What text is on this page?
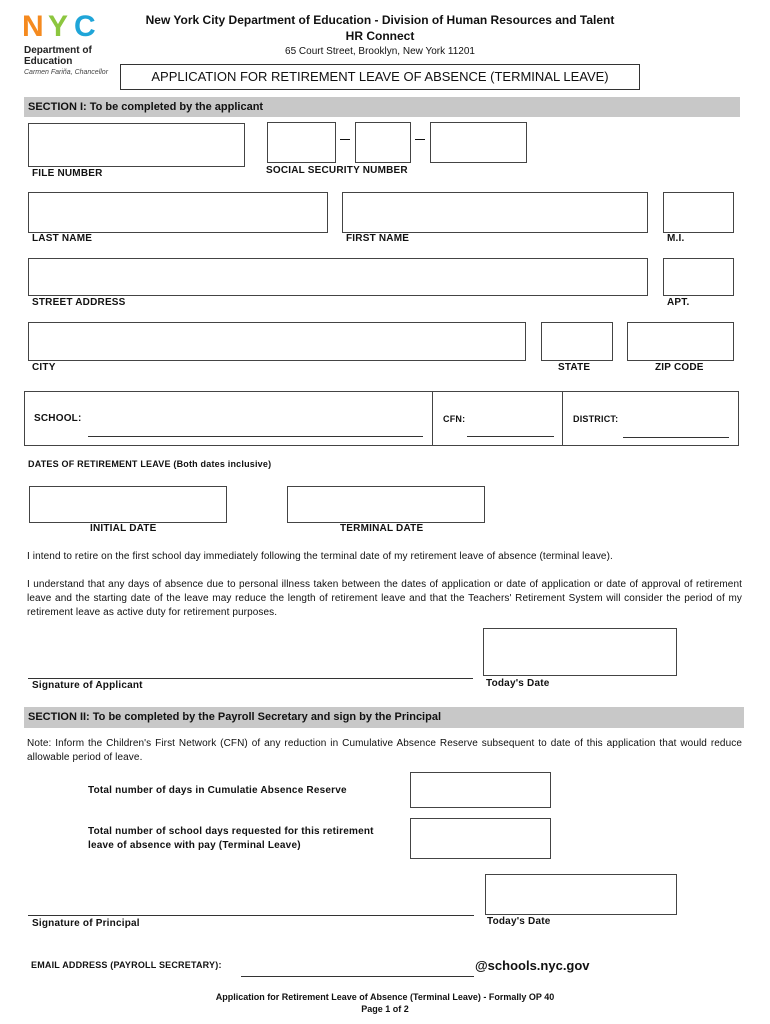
N Y C
Department of
Education
Carmen Fariña, Chancellor
New York City Department of Education - Division of Human Resources and Talent
HR Connect
65 Court Street, Brooklyn, New York 11201
APPLICATION FOR RETIREMENT LEAVE OF ABSENCE (TERMINAL LEAVE)
SECTION I: To be completed by the applicant
FILE NUMBER	SOCIAL SECURITY NUMBER
LAST NAME	FIRST NAME	M.I.
STREET ADDRESS	APT.
CITY	STATE	ZIP CODE
SCHOOL:	CFN:	DISTRICT:
DATES OF RETIREMENT LEAVE (Both dates inclusive)
INITIAL DATE	TERMINAL DATE
I intend to retire on the first school day immediately following the terminal date of my retirement leave of absence (terminal leave).
I understand that any days of absence due to personal illness taken between the dates of application or date of application or date of approval of retirement leave and the starting date of the leave may reduce the length of retirement leave and that the Teachers' Retirement System will consider the period of my retirement leave as active duty for retirement purposes.
Signature of Applicant	Today's Date
SECTION II: To be completed by the Payroll Secretary and sign by the Principal
Note: Inform the Children's First Network (CFN) of any reduction in Cumulative Absence Reserve subsequent to date of this application that would reduce allowable period of leave.
Total number of days in Cumulatie Absence Reserve
Total number of school days requested for this retirement
leave of absence with pay (Terminal Leave)
Signature of Principal	Today's Date
EMAIL ADDRESS (PAYROLL SECRETARY):	@schools.nyc.gov
Application for Retirement Leave of Absence (Terminal Leave) - Formally OP 40
Page 1 of 2
